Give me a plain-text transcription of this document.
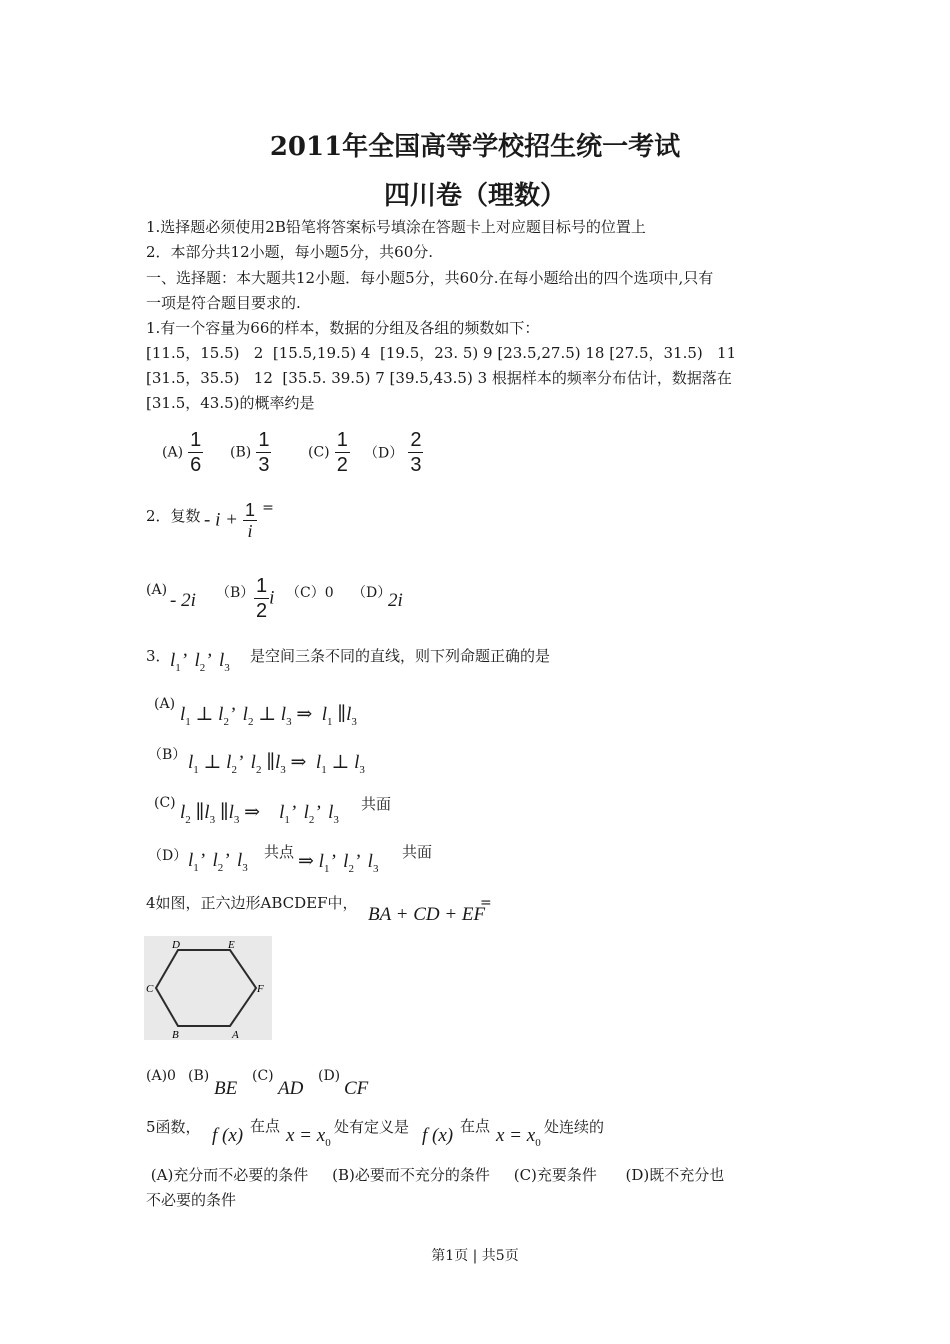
2011年全国高等学校招生统一考试
四川卷（理数）
1.选择题必须使用2B铅笔将答案标号填涂在答题卡上对应题目标号的位置上
2．本部分共12小题，每小题5分，共60分.
一、选择题：本大题共12小题．每小题5分，共60分.在每小题给出的四个选项中,只有
一项是符合题目要求的.
1.有一个容量为66的样本，数据的分组及各组的频数如下：
[11.5，15.5)   2  [15.5,19.5) 4  [19.5，23. 5) 9 [23.5,27.5) 18 [27.5，31.5)   11
[31.5，35.5)   12  [35.5. 39.5) 7 [39.5,43.5) 3 根据样本的频率分布估计，数据落在
[31.5，43.5)的概率约是
$(A) \frac{1}{6} (B) \frac{1}{3}$	$(C) \frac{1}{2} (D) \frac{2}{3}$
2．复数 - $i + \frac{1}{i}$ =
(A) - 2i $(B) \frac{1}{2}$ i （C）0 （D）
2i
3． $l_1$’  $l_2$’  $l_3$
是空间三条不同的直线，则下列命题正确的是
(A) $l_1$ ⊥ $l_2$’  $l_2$ ⊥ $l_3$ ⇒  $l_1$ $\parallel l_3$
（B） $l_1$ ⊥ $l_2$’  $l_2$ $\parallel l_3$ ⇒  $l_1$ ⊥ $l_3$
(C) $l_2$ $\parallel l_3$ $\parallel l_3$ ⇒    $l_1$’  $l_2$’  $l_3$
共面
（D） $l_1$’  $l_2$’  $l_3$
共点 ⇒ $l_1$’  $l_2$’  $l_3$
共面
4如图，正六边形ABCDEF中，
BA + CD + EF
=
D	E
F
A
B
C
(A)0 (B)
BE
(C)
AD
(D)
CF
5函数， f (x) 在点 $x = x_0$
处有定义是 f (x) 在点 $x = x_0$
处连续的
(A)充分而不必要的条件     (B)必要而不充分的条件     (C)充要条件      (D)既不充分也
不必要的条件
第1页 | 共5页
